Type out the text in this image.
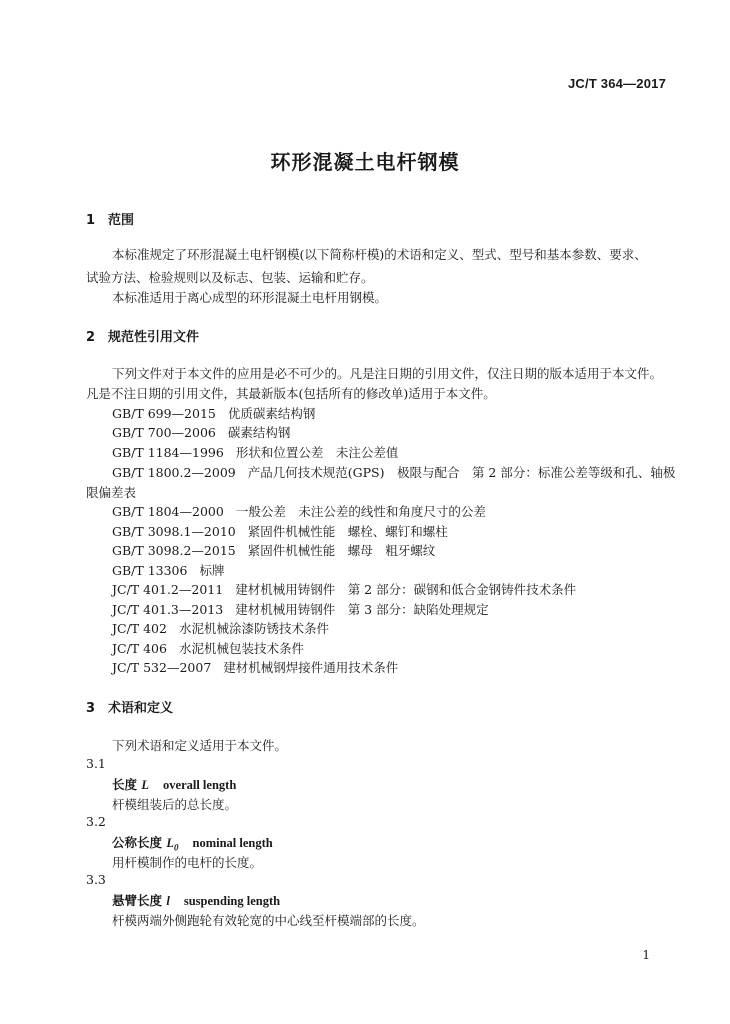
JC/T 364—2017
环形混凝土电杆钢模
1 范围
本标准规定了环形混凝土电杆钢模(以下简称杆模)的术语和定义、型式、型号和基本参数、要求、
试验方法、检验规则以及标志、包装、运输和贮存。
本标准适用于离心成型的环形混凝土电杆用钢模。
2 规范性引用文件
下列文件对于本文件的应用是必不可少的。凡是注日期的引用文件，仅注日期的版本适用于本文件。
凡是不注日期的引用文件，其最新版本(包括所有的修改单)适用于本文件。
GB/T 699—2015 优质碳素结构钢
GB/T 700—2006 碳素结构钢
GB/T 1184—1996 形状和位置公差　未注公差值
GB/T 1800.2—2009 产品几何技术规范(GPS)　极限与配合　第 2 部分：标准公差等级和孔、轴极
限偏差表
GB/T 1804—2000 一般公差　未注公差的线性和角度尺寸的公差
GB/T 3098.1—2010 紧固件机械性能　螺栓、螺钉和螺柱
GB/T 3098.2—2015 紧固件机械性能　螺母　粗牙螺纹
GB/T 13306 标牌
JC/T 401.2—2011 建材机械用铸钢件　第 2 部分：碳钢和低合金钢铸件技术条件
JC/T 401.3—2013 建材机械用铸钢件　第 3 部分：缺陷处理规定
JC/T 402 水泥机械涂漆防锈技术条件
JC/T 406 水泥机械包装技术条件
JC/T 532—2007 建材机械钢焊接件通用技术条件
3 术语和定义
下列术语和定义适用于本文件。
3.1
长度 L overall length
杆模组装后的总长度。
3.2
公称长度 $L_0$ nominal length
用杆模制作的电杆的长度。
3.3
悬臂长度 l suspending length
杆模两端外侧跑轮有效轮宽的中心线至杆模端部的长度。
1
